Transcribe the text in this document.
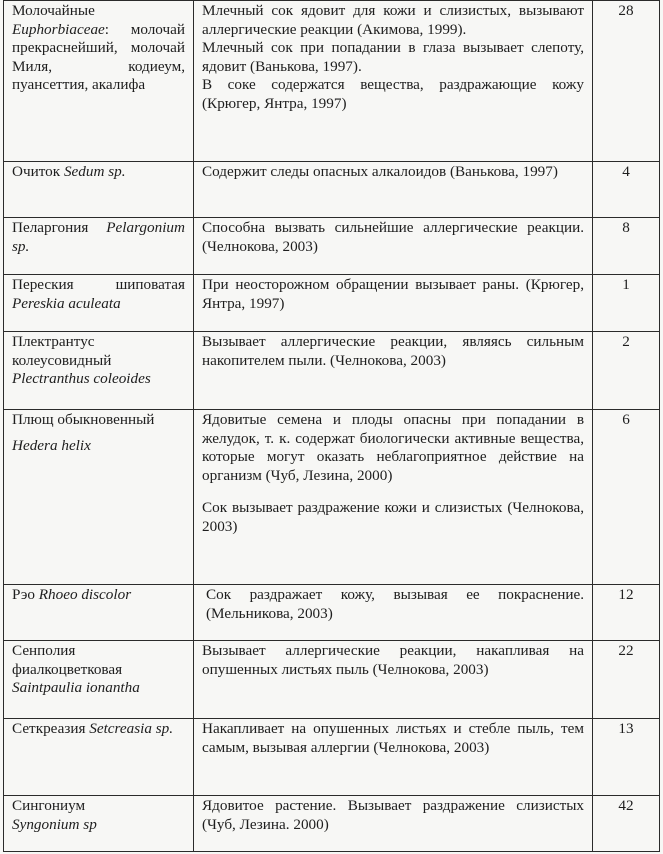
Молочайные Euphorbiaceae: молочай прекраснейший, молочай Миля, кодиеум, пуансеттия, акалифа	Млечный сок ядовит для кожи и слизистых, вызывают аллергические реакции (Акимова, 1999).
Млечный сок при попадании в глаза вызывает слепоту, ядовит (Ванькова, 1997).
В соке содержатся вещества, раздражающие кожу (Крюгер, Янтра, 1997)	28
Очиток Sedum sp.	Содержит следы опасных алкалоидов (Ванькова, 1997)	4
Пеларгония Pelargonium sp.	Способна вызвать сильнейшие аллергические реакции. (Челнокова, 2003)	8
Переския шиповатая Pereskia aculeata	При неосторожном обращении вызывает раны. (Крюгер, Янтра, 1997)	1
Плектрантус колеусовидный Plectranthus coleoides	Вызывает аллергические реакции, являясь сильным накопителем пыли. (Челнокова, 2003)	2

Плющ обыкновенный
Hedera helix	Ядовитые семена и плоды опасны при попадании в желудок, т. к. содержат биологически активные вещества, которые могут оказать неблагоприятное действие на организм (Чуб, Лезина, 2000)
Сок вызывает раздражение кожи и слизистых (Челнокова, 2003)	6
Рэо Rhoeo discolor	Сок раздражает кожу, вызывая ее покраснение. (Мельникова, 2003)	12
Сенполия фиалкоцветковая Saintpaulia ionantha	Вызывает аллергические реакции, накапливая на опушенных листьях пыль (Челнокова, 2003)	22
Сеткреазия Setcreasia sp.	Накапливает на опушенных листьях и стебле пыль, тем самым, вызывая аллергии (Челнокова, 2003)	13

Сингониум
Syngonium sp	Ядовитое растение. Вызывает раздражение слизистых (Чуб, Лезина. 2000)	42
